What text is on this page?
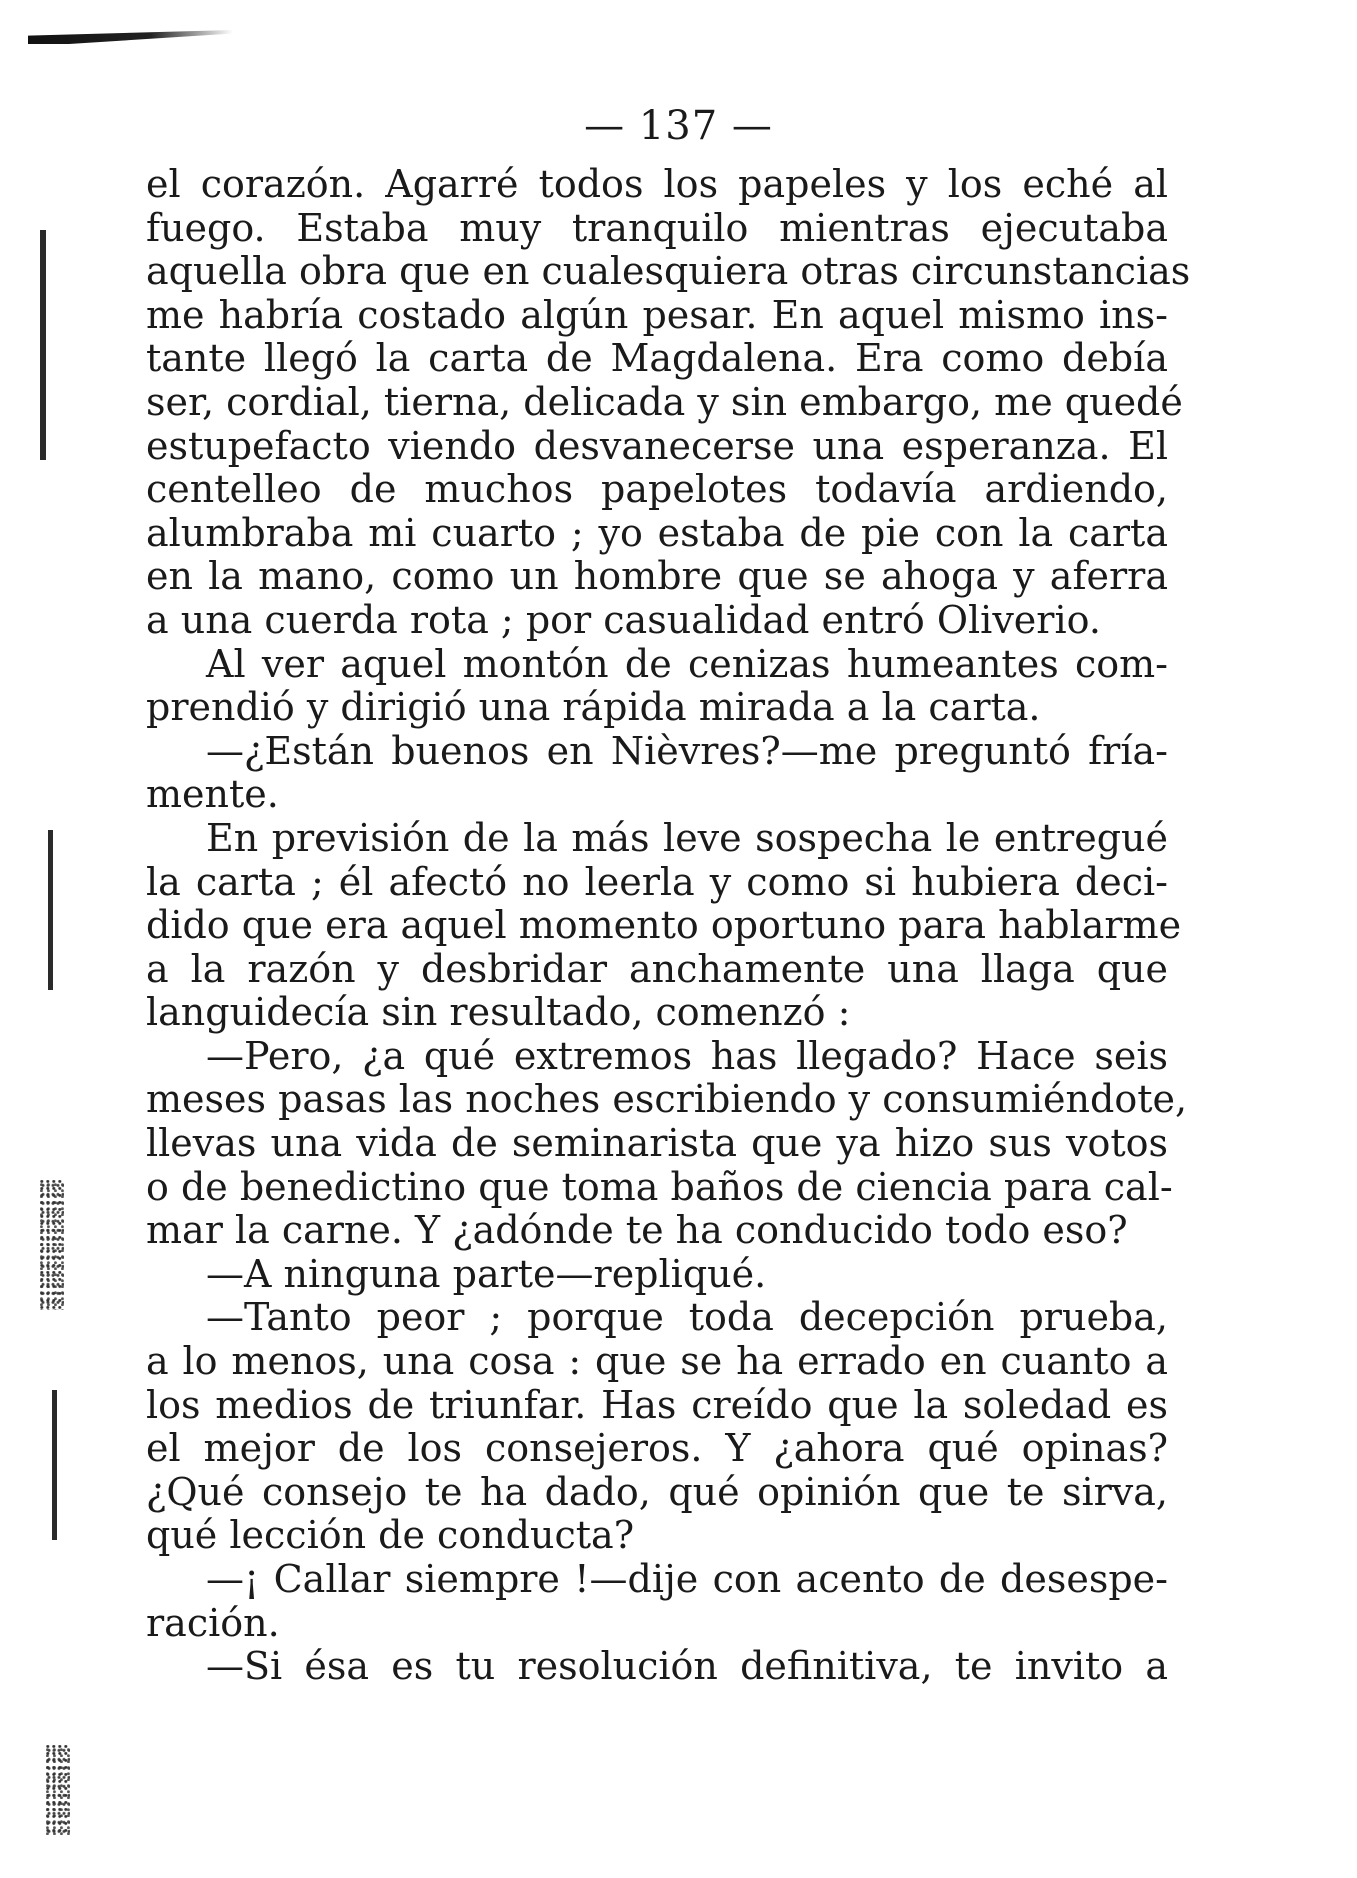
— 137 —
el corazón. Agarré todos los papeles y los eché al
fuego. Estaba muy tranquilo mientras ejecutaba
aquella obra que en cualesquiera otras circunstancias
me habría costado algún pesar. En aquel mismo ins-
tante llegó la carta de Magdalena. Era como debía
ser, cordial, tierna, delicada y sin embargo, me quedé
estupefacto viendo desvanecerse una esperanza. El
centelleo de muchos papelotes todavía ardiendo,
alumbraba mi cuarto ; yo estaba de pie con la carta
en la mano, como un hombre que se ahoga y aferra
a una cuerda rota ; por casualidad entró Oliverio.
Al ver aquel montón de cenizas humeantes com-
prendió y dirigió una rápida mirada a la carta.
—¿Están buenos en Nièvres?—me preguntó fría-
mente.
En previsión de la más leve sospecha le entregué
la carta ; él afectó no leerla y como si hubiera deci-
dido que era aquel momento oportuno para hablarme
a la razón y desbridar anchamente una llaga que
languidecía sin resultado, comenzó :
—Pero, ¿a qué extremos has llegado? Hace seis
meses pasas las noches escribiendo y consumiéndote,
llevas una vida de seminarista que ya hizo sus votos
o de benedictino que toma baños de ciencia para cal-
mar la carne. Y ¿adónde te ha conducido todo eso?
—A ninguna parte—repliqué.
—Tanto peor ; porque toda decepción prueba,
a lo menos, una cosa : que se ha errado en cuanto a
los medios de triunfar. Has creído que la soledad es
el mejor de los consejeros. Y ¿ahora qué opinas?
¿Qué consejo te ha dado, qué opinión que te sirva,
qué lección de conducta?
—¡ Callar siempre !—dije con acento de desespe-
ración.
—Si ésa es tu resolución definitiva, te invito a
